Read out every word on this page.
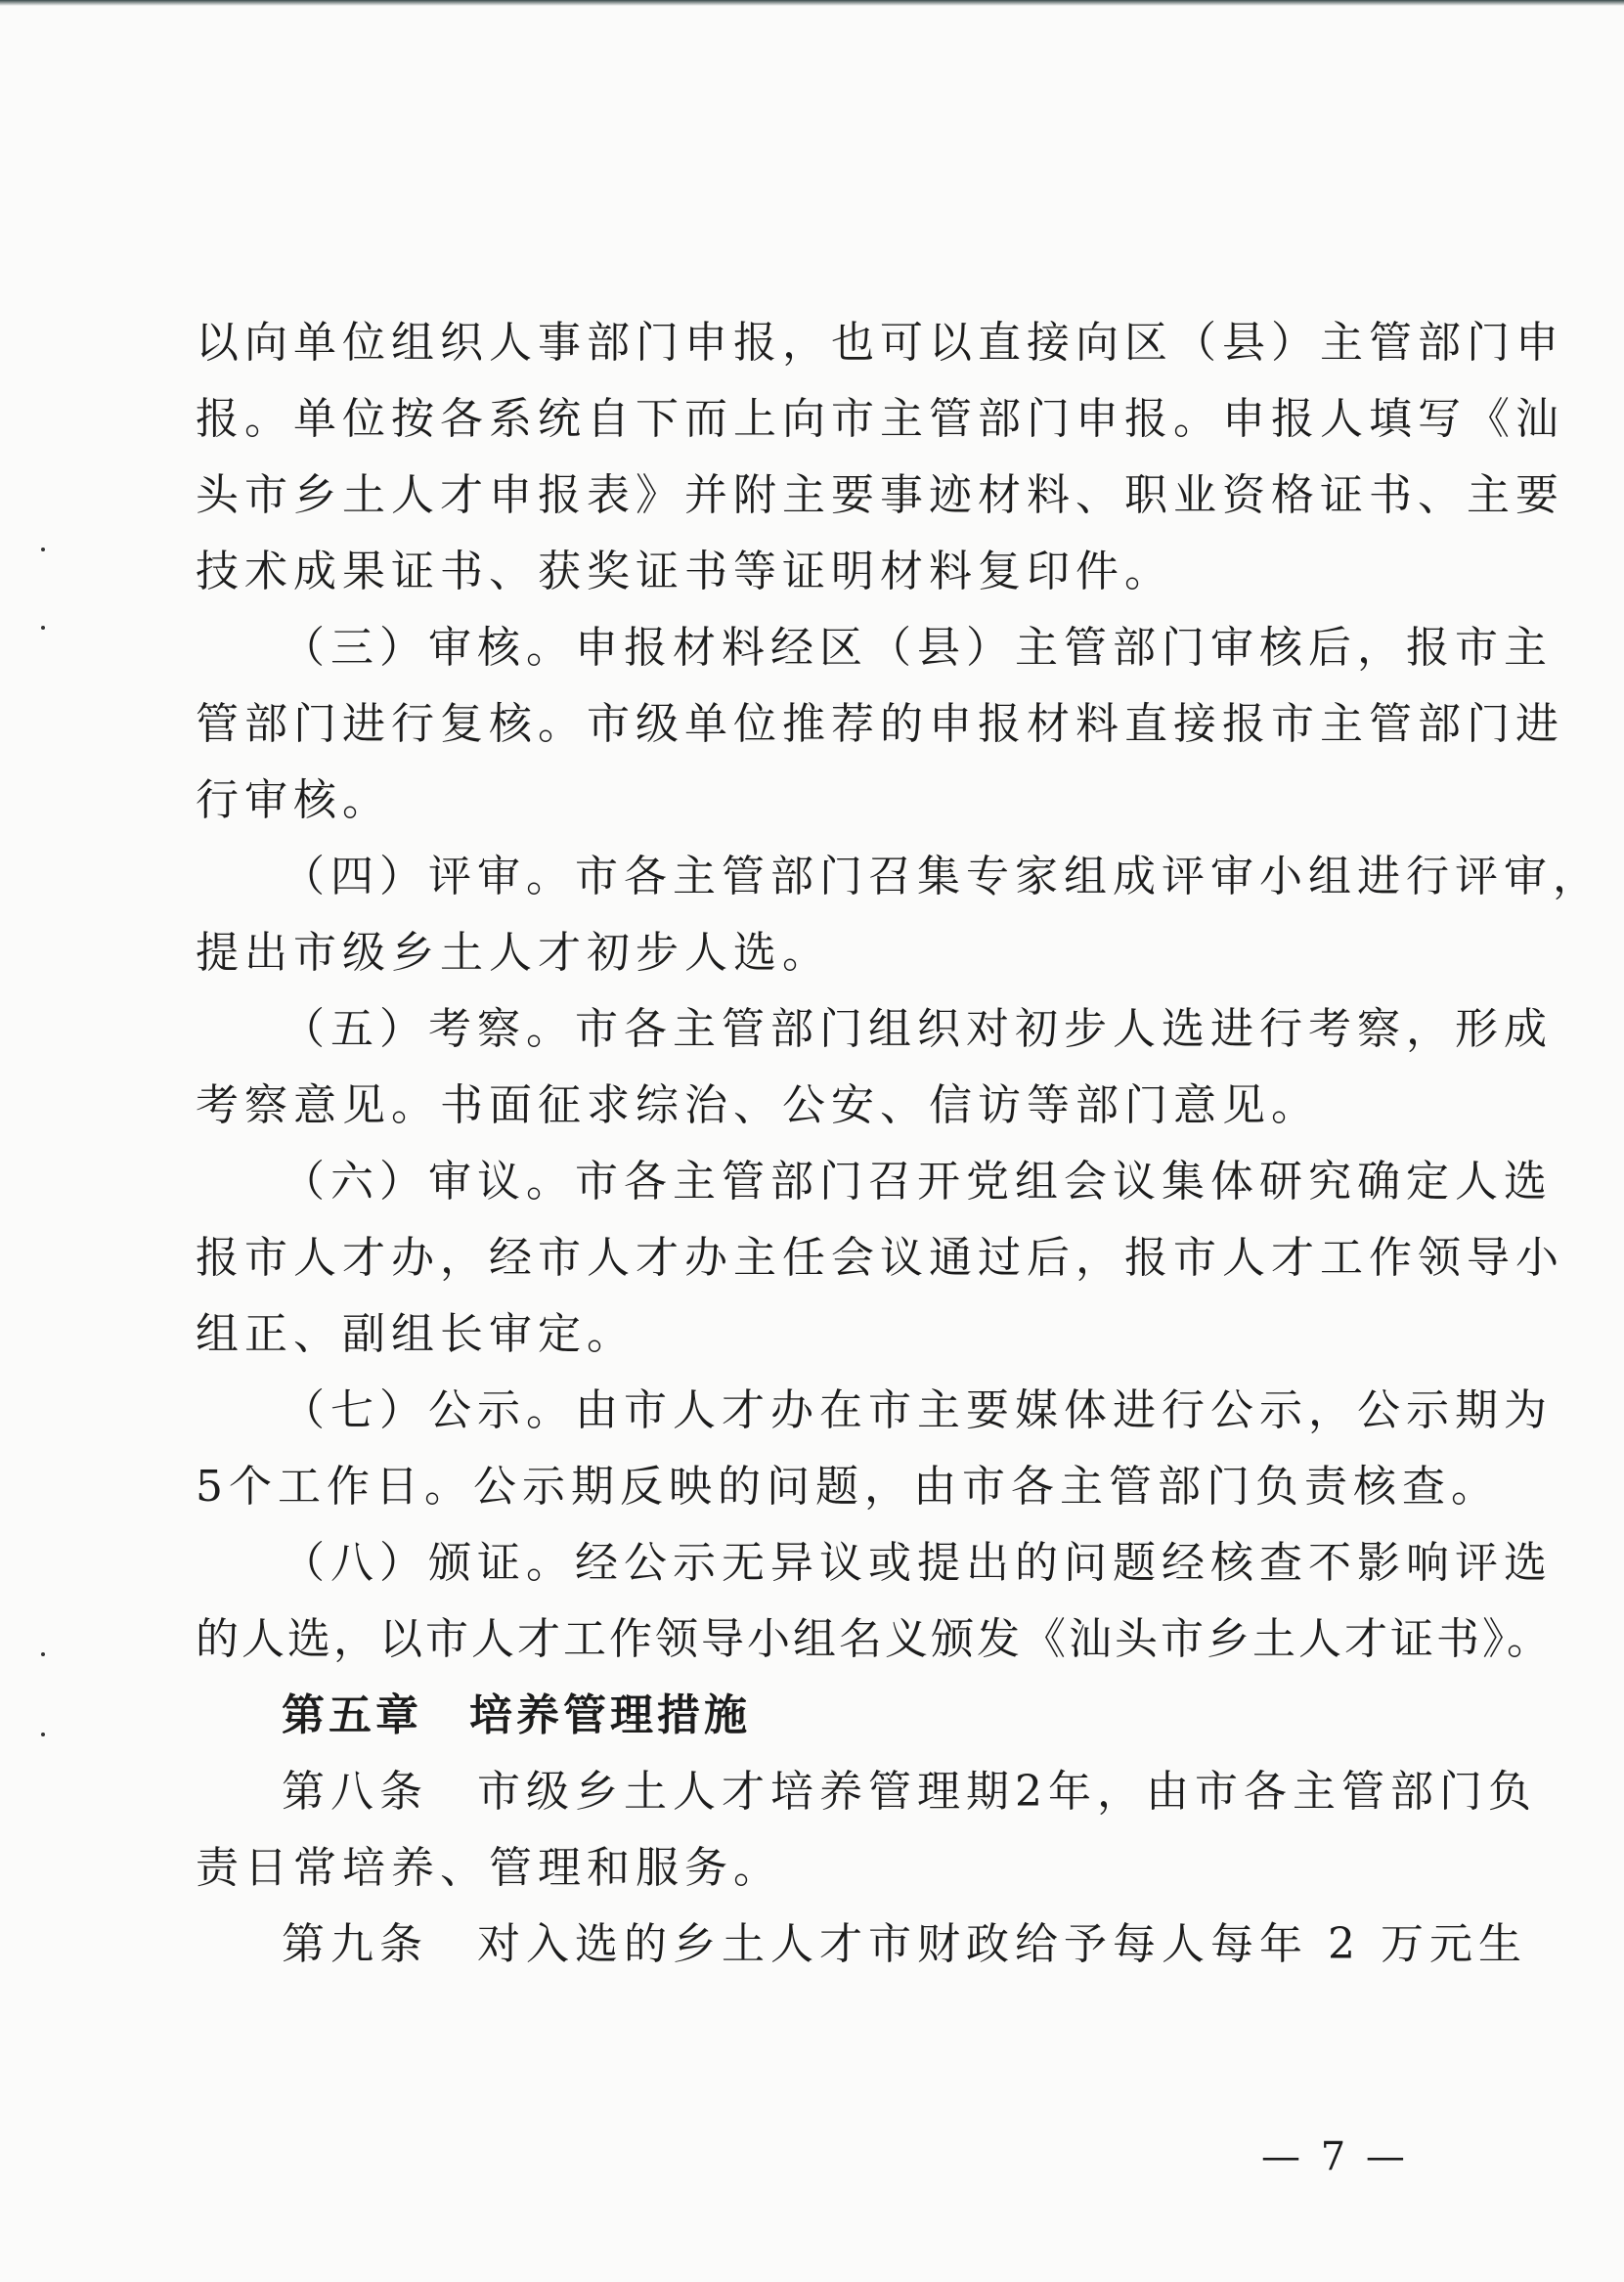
以向单位组织人事部门申报，也可以直接向区（县）主管部门申
报。单位按各系统自下而上向市主管部门申报。申报人填写《汕
头市乡土人才申报表》并附主要事迹材料、职业资格证书、主要
技术成果证书、获奖证书等证明材料复印件。
（三）审核。申报材料经区（县）主管部门审核后，报市主
管部门进行复核。市级单位推荐的申报材料直接报市主管部门进
行审核。
（四）评审。市各主管部门召集专家组成评审小组进行评审，
提出市级乡土人才初步人选。
（五）考察。市各主管部门组织对初步人选进行考察，形成
考察意见。书面征求综治、公安、信访等部门意见。
（六）审议。市各主管部门召开党组会议集体研究确定人选
报市人才办，经市人才办主任会议通过后，报市人才工作领导小
组正、副组长审定。
（七）公示。由市人才办在市主要媒体进行公示，公示期为
5个工作日。公示期反映的问题，由市各主管部门负责核查。
（八）颁证。经公示无异议或提出的问题经核查不影响评选
的人选，以市人才工作领导小组名义颁发《汕头市乡土人才证书》。
第五章　培养管理措施
第八条　市级乡土人才培养管理期2年，由市各主管部门负
责日常培养、管理和服务。
第九条　对入选的乡土人才市财政给予每人每年 2 万元生
— 7 —
